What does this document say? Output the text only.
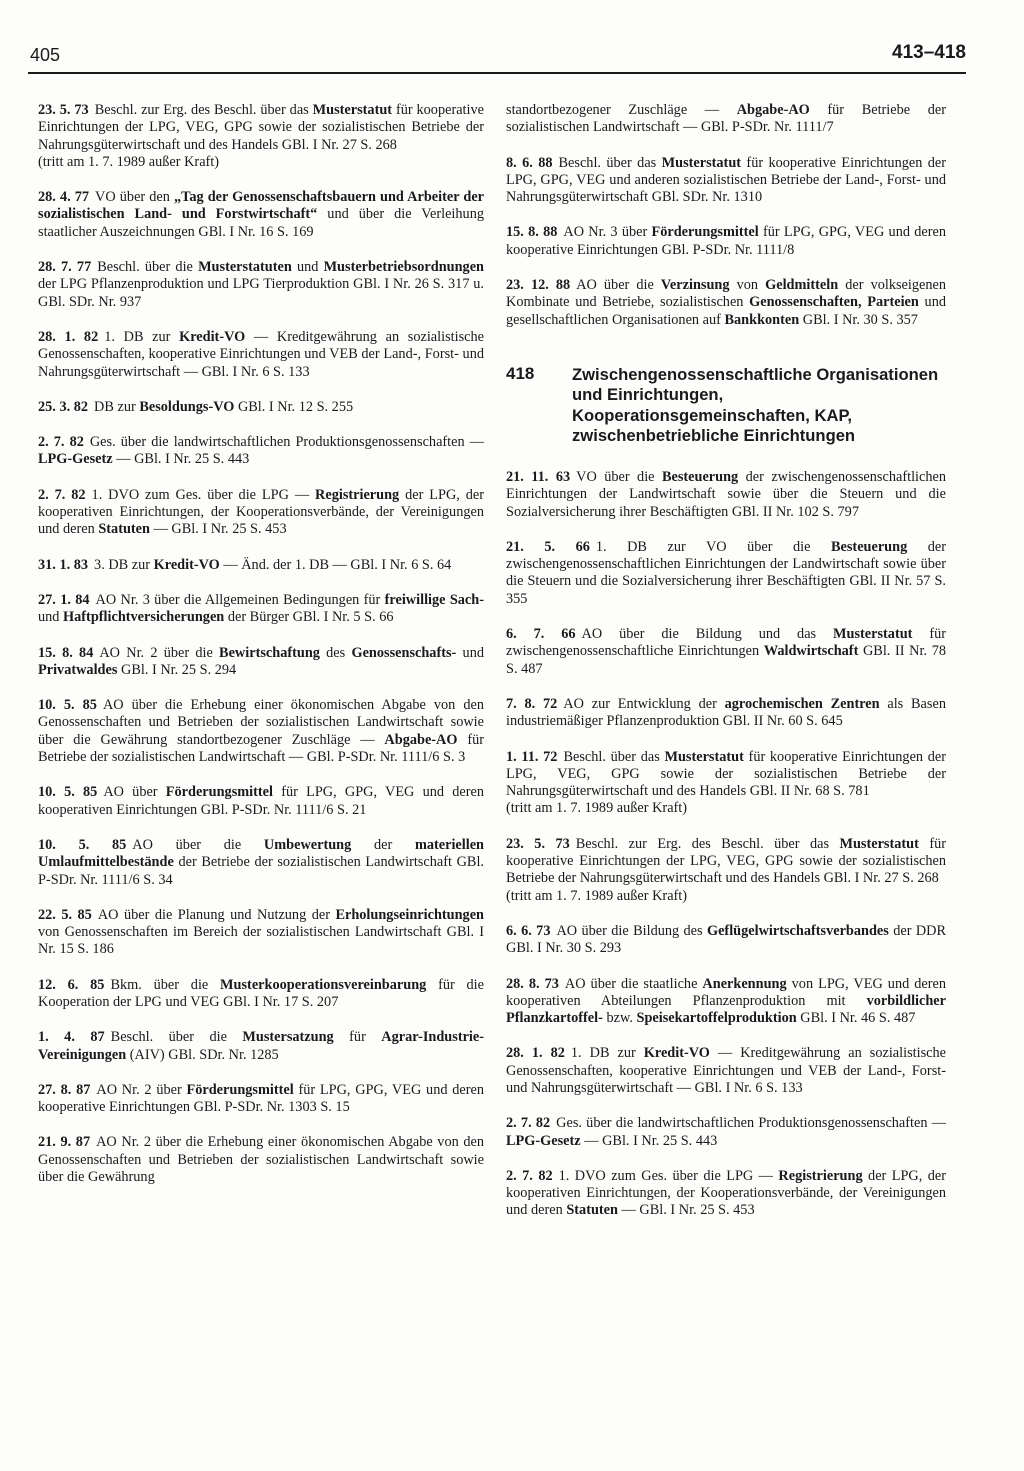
405	413–418
23. 5. 73 Beschl. zur Erg. des Beschl. über das Musterstatut für kooperative Einrichtungen der LPG, VEG, GPG sowie der sozialistischen Betriebe der Nahrungsgüterwirtschaft und des Handels GBl. I Nr. 27 S. 268
(tritt am 1. 7. 1989 außer Kraft)
28. 4. 77 VO über den „Tag der Genossenschaftsbauern und Arbeiter der sozialistischen Land- und Forstwirtschaft“ und über die Verleihung staatlicher Auszeichnungen GBl. I Nr. 16 S. 169
28. 7. 77 Beschl. über die Musterstatuten und Musterbetriebsordnungen der LPG Pflanzenproduktion und LPG Tierproduktion GBl. I Nr. 26 S. 317 u. GBl. SDr. Nr. 937
28. 1. 82 1. DB zur Kredit-VO — Kreditgewährung an sozialistische Genossenschaften, kooperative Einrichtungen und VEB der Land-, Forst- und Nahrungsgüterwirtschaft — GBl. I Nr. 6 S. 133
25. 3. 82 DB zur Besoldungs-VO GBl. I Nr. 12 S. 255
2. 7. 82 Ges. über die landwirtschaftlichen Produktionsgenossenschaften — LPG-Gesetz — GBl. I Nr. 25 S. 443
2. 7. 82 1. DVO zum Ges. über die LPG — Registrierung der LPG, der kooperativen Einrichtungen, der Kooperationsverbände, der Vereinigungen und deren Statuten — GBl. I Nr. 25 S. 453
31. 1. 83 3. DB zur Kredit-VO — Änd. der 1. DB — GBl. I Nr. 6 S. 64
27. 1. 84 AO Nr. 3 über die Allgemeinen Bedingungen für freiwillige Sach- und Haftpflichtversicherungen der Bürger GBl. I Nr. 5 S. 66
15. 8. 84 AO Nr. 2 über die Bewirtschaftung des Genossenschafts- und Privatwaldes GBl. I Nr. 25 S. 294
10. 5. 85 AO über die Erhebung einer ökonomischen Abgabe von den Genossenschaften und Betrieben der sozialistischen Landwirtschaft sowie über die Gewährung standortbezogener Zuschläge — Abgabe-AO für Betriebe der sozialistischen Landwirtschaft — GBl. P-SDr. Nr. 1111/6 S. 3
10. 5. 85 AO über Förderungsmittel für LPG, GPG, VEG und deren kooperativen Einrichtungen GBl. P-SDr. Nr. 1111/6 S. 21
10. 5. 85 AO über die Umbewertung der materiellen Umlaufmittelbestände der Betriebe der sozialistischen Landwirtschaft GBl. P-SDr. Nr. 1111/6 S. 34
22. 5. 85 AO über die Planung und Nutzung der Erholungseinrichtungen von Genossenschaften im Bereich der sozialistischen Landwirtschaft GBl. I Nr. 15 S. 186
12. 6. 85 Bkm. über die Musterkooperationsvereinbarung für die Kooperation der LPG und VEG GBl. I Nr. 17 S. 207
1. 4. 87 Beschl. über die Mustersatzung für Agrar-Industrie-Vereinigungen (AIV) GBl. SDr. Nr. 1285
27. 8. 87 AO Nr. 2 über Förderungsmittel für LPG, GPG, VEG und deren kooperative Einrichtungen GBl. P-SDr. Nr. 1303 S. 15
21. 9. 87 AO Nr. 2 über die Erhebung einer ökonomischen Abgabe von den Genossenschaften und Betrieben der sozialistischen Landwirtschaft sowie über die Gewährung
standortbezogener Zuschläge — Abgabe-AO für Betriebe der sozialistischen Landwirtschaft — GBl. P-SDr. Nr. 1111/7
8. 6. 88 Beschl. über das Musterstatut für kooperative Einrichtungen der LPG, GPG, VEG und anderen sozialistischen Betriebe der Land-, Forst- und Nahrungsgüterwirtschaft GBl. SDr. Nr. 1310
15. 8. 88 AO Nr. 3 über Förderungsmittel für LPG, GPG, VEG und deren kooperative Einrichtungen GBl. P-SDr. Nr. 1111/8
23. 12. 88 AO über die Verzinsung von Geldmitteln der volkseigenen Kombinate und Betriebe, sozialistischen Genossenschaften, Parteien und gesellschaftlichen Organisationen auf Bankkonten GBl. I Nr. 30 S. 357
418	Zwischengenossenschaftliche Organisationen und Einrichtungen, Kooperationsgemeinschaften, KAP, zwischenbetriebliche Einrichtungen
21. 11. 63 VO über die Besteuerung der zwischengenossenschaftlichen Einrichtungen der Landwirtschaft sowie über die Steuern und die Sozialversicherung ihrer Beschäftigten GBl. II Nr. 102 S. 797
21. 5. 66 1. DB zur VO über die Besteuerung der zwischengenossenschaftlichen Einrichtungen der Landwirtschaft sowie über die Steuern und die Sozialversicherung ihrer Beschäftigten GBl. II Nr. 57 S. 355
6. 7. 66 AO über die Bildung und das Musterstatut für zwischengenossenschaftliche Einrichtungen Waldwirtschaft GBl. II Nr. 78 S. 487
7. 8. 72 AO zur Entwicklung der agrochemischen Zentren als Basen industriemäßiger Pflanzenproduktion GBl. II Nr. 60 S. 645
1. 11. 72 Beschl. über das Musterstatut für kooperative Einrichtungen der LPG, VEG, GPG sowie der sozialistischen Betriebe der Nahrungsgüterwirtschaft und des Handels GBl. II Nr. 68 S. 781
(tritt am 1. 7. 1989 außer Kraft)
23. 5. 73 Beschl. zur Erg. des Beschl. über das Musterstatut für kooperative Einrichtungen der LPG, VEG, GPG sowie der sozialistischen Betriebe der Nahrungsgüterwirtschaft und des Handels GBl. I Nr. 27 S. 268
(tritt am 1. 7. 1989 außer Kraft)
6. 6. 73 AO über die Bildung des Geflügelwirtschaftsverbandes der DDR GBl. I Nr. 30 S. 293
28. 8. 73 AO über die staatliche Anerkennung von LPG, VEG und deren kooperativen Abteilungen Pflanzenproduktion mit vorbildlicher Pflanzkartoffel- bzw. Speisekartoffelproduktion GBl. I Nr. 46 S. 487
28. 1. 82 1. DB zur Kredit-VO — Kreditgewährung an sozialistische Genossenschaften, kooperative Einrichtungen und VEB der Land-, Forst- und Nahrungsgüterwirtschaft — GBl. I Nr. 6 S. 133
2. 7. 82 Ges. über die landwirtschaftlichen Produktionsgenossenschaften — LPG-Gesetz — GBl. I Nr. 25 S. 443
2. 7. 82 1. DVO zum Ges. über die LPG — Registrierung der LPG, der kooperativen Einrichtungen, der Kooperationsverbände, der Vereinigungen und deren Statuten — GBl. I Nr. 25 S. 453
